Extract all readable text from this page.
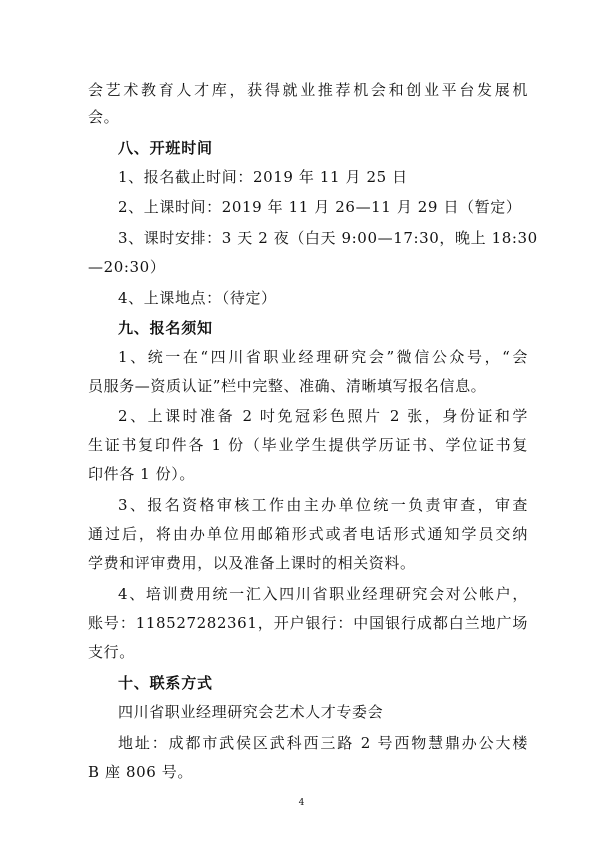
会艺术教育人才库，获得就业推荐机会和创业平台发展机
会。
八、开班时间
1、报名截止时间：2019 年 11 月 25 日
2、上课时间：2019 年 11 月 26—11 月 29 日（暂定）
3、课时安排：3 天 2 夜（白天 9:00—17:30，晚上 18:30
—20:30）
4、上课地点：（待定）
九、报名须知
1、统一在“四川省职业经理研究会”微信公众号，“会
员服务—资质认证”栏中完整、准确、清晰填写报名信息。
2、上课时准备 2 吋免冠彩色照片 2 张，身份证和学
生证书复印件各 1 份（毕业学生提供学历证书、学位证书复
印件各 1 份）。
3、报名资格审核工作由主办单位统一负责审查，审查
通过后，将由办单位用邮箱形式或者电话形式通知学员交纳
学费和评审费用，以及准备上课时的相关资料。
4、培训费用统一汇入四川省职业经理研究会对公帐户，
账号：118527282361，开户银行：中国银行成都白兰地广场
支行。
十、联系方式
四川省职业经理研究会艺术人才专委会
地址：成都市武侯区武科西三路 2 号西物慧鼎办公大楼
B 座 806 号。
4
